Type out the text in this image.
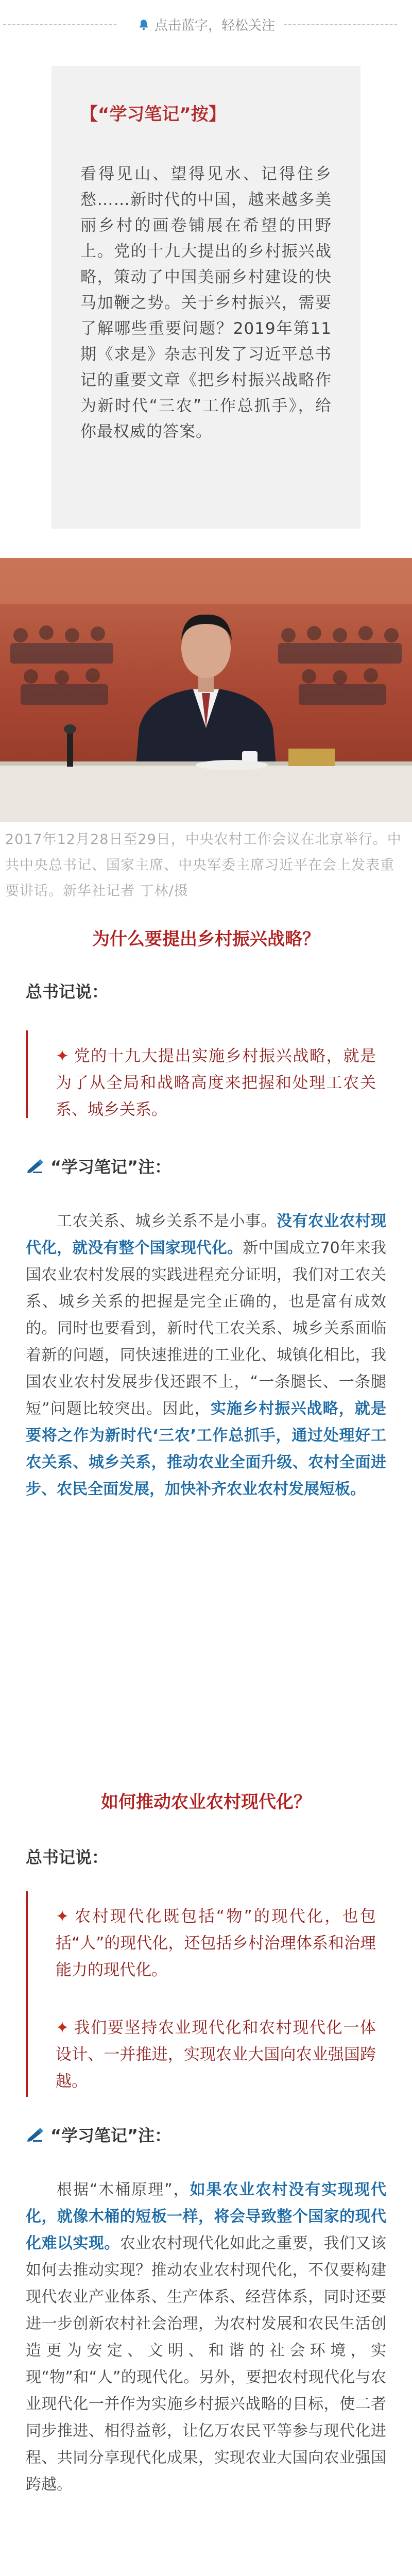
-------------------------	点击蓝字，轻松关注 -------------------------
【“学习笔记”按】
看得见山、望得见水、记得住乡愁……新时代的中国，越来越多美丽乡村的画卷铺展在希望的田野上。党的十九大提出的乡村振兴战略，策动了中国美丽乡村建设的快马加鞭之势。关于乡村振兴，需要了解哪些重要问题？2019年第11期《求是》杂志刊发了习近平总书记的重要文章《把乡村振兴战略作为新时代“三农”工作总抓手》，给你最权威的答案。
2017年12月28日至29日，中央农村工作会议在北京举行。中共中央总书记、国家主席、中央军委主席习近平在会上发表重要讲话。新华社记者 丁林/摄
为什么要提出乡村振兴战略？
总书记说：
✦ 党的十九大提出实施乡村振兴战略，就是为了从全局和战略高度来把握和处理工农关系、城乡关系。
“学习笔记”注：
工农关系、城乡关系不是小事。没有农业农村现代化，就没有整个国家现代化。新中国成立70年来我国农业农村发展的实践进程充分证明，我们对工农关系、城乡关系的把握是完全正确的，也是富有成效的。同时也要看到，新时代工农关系、城乡关系面临着新的问题，同快速推进的工业化、城镇化相比，我国农业农村发展步伐还跟不上，“一条腿长、一条腿短”问题比较突出。因此，实施乡村振兴战略，就是要将之作为新时代‘三农’工作总抓手，通过处理好工农关系、城乡关系，推动农业全面升级、农村全面进步、农民全面发展，加快补齐农业农村发展短板。
如何推动农业农村现代化？
总书记说：
✦ 农村现代化既包括“物”的现代化，也包括“人”的现代化，还包括乡村治理体系和治理能力的现代化。
✦ 我们要坚持农业现代化和农村现代化一体设计、一并推进，实现农业大国向农业强国跨越。
“学习笔记”注：
根据“木桶原理”，如果农业农村没有实现现代化，就像木桶的短板一样，将会导致整个国家的现代化难以实现。农业农村现代化如此之重要，我们又该如何去推动实现？推动农业农村现代化，不仅要构建现代农业产业体系、生产体系、经营体系，同时还要进一步创新农村社会治理，为农村发展和农民生活创造更为安定、文明、和谐的社会环境，实现“物”和“人”的现代化。另外，要把农村现代化与农业现代化一并作为实施乡村振兴战略的目标，使二者同步推进、相得益彰，让亿万农民平等参与现代化进程、共同分享现代化成果，实现农业大国向农业强国跨越。
